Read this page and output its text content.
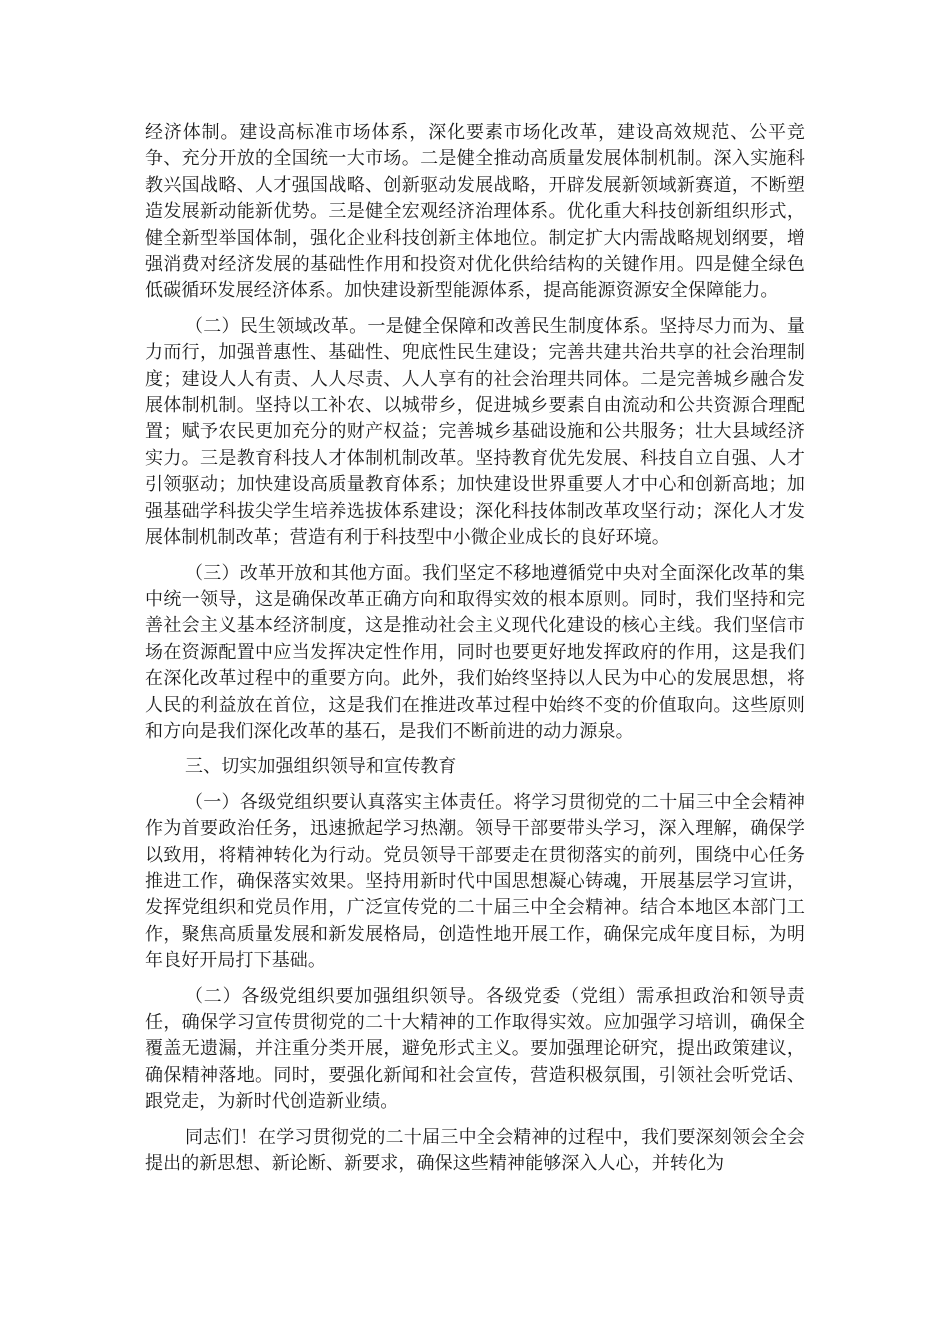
经济体制。建设高标准市场体系，深化要素市场化改革，建设高效规范、公平竞争、充分开放的全国统一大市场。二是健全推动高质量发展体制机制。深入实施科教兴国战略、人才强国战略、创新驱动发展战略，开辟发展新领域新赛道，不断塑造发展新动能新优势。三是健全宏观经济治理体系。优化重大科技创新组织形式，健全新型举国体制，强化企业科技创新主体地位。制定扩大内需战略规划纲要，增强消费对经济发展的基础性作用和投资对优化供给结构的关键作用。四是健全绿色低碳循环发展经济体系。加快建设新型能源体系，提高能源资源安全保障能力。

（二）民生领域改革。一是健全保障和改善民生制度体系。坚持尽力而为、量力而行，加强普惠性、基础性、兜底性民生建设；完善共建共治共享的社会治理制度；建设人人有责、人人尽责、人人享有的社会治理共同体。二是完善城乡融合发展体制机制。坚持以工补农、以城带乡，促进城乡要素自由流动和公共资源合理配置；赋予农民更加充分的财产权益；完善城乡基础设施和公共服务；壮大县域经济实力。三是教育科技人才体制机制改革。坚持教育优先发展、科技自立自强、人才引领驱动；加快建设高质量教育体系；加快建设世界重要人才中心和创新高地；加强基础学科拔尖学生培养选拔体系建设；深化科技体制改革攻坚行动；深化人才发展体制机制改革；营造有利于科技型中小微企业成长的良好环境。

（三）改革开放和其他方面。我们坚定不移地遵循党中央对全面深化改革的集中统一领导，这是确保改革正确方向和取得实效的根本原则。同时，我们坚持和完善社会主义基本经济制度，这是推动社会主义现代化建设的核心主线。我们坚信市场在资源配置中应当发挥决定性作用，同时也要更好地发挥政府的作用，这是我们在深化改革过程中的重要方向。此外，我们始终坚持以人民为中心的发展思想，将人民的利益放在首位，这是我们在推进改革过程中始终不变的价值取向。这些原则和方向是我们深化改革的基石，是我们不断前进的动力源泉。

三、切实加强组织领导和宣传教育

（一）各级党组织要认真落实主体责任。将学习贯彻党的二十届三中全会精神作为首要政治任务，迅速掀起学习热潮。领导干部要带头学习，深入理解，确保学以致用，将精神转化为行动。党员领导干部要走在贯彻落实的前列，围绕中心任务推进工作，确保落实效果。坚持用新时代中国思想凝心铸魂，开展基层学习宣讲，发挥党组织和党员作用，广泛宣传党的二十届三中全会精神。结合本地区本部门工作，聚焦高质量发展和新发展格局，创造性地开展工作，确保完成年度目标，为明年良好开局打下基础。

（二）各级党组织要加强组织领导。各级党委（党组）需承担政治和领导责任，确保学习宣传贯彻党的二十大精神的工作取得实效。应加强学习培训，确保全覆盖无遗漏，并注重分类开展，避免形式主义。要加强理论研究，提出政策建议，确保精神落地。同时，要强化新闻和社会宣传，营造积极氛围，引领社会听党话、跟党走，为新时代创造新业绩。

同志们！在学习贯彻党的二十届三中全会精神的过程中，我们要深刻领会全会提出的新思想、新论断、新要求，确保这些精神能够深入人心，并转化为
